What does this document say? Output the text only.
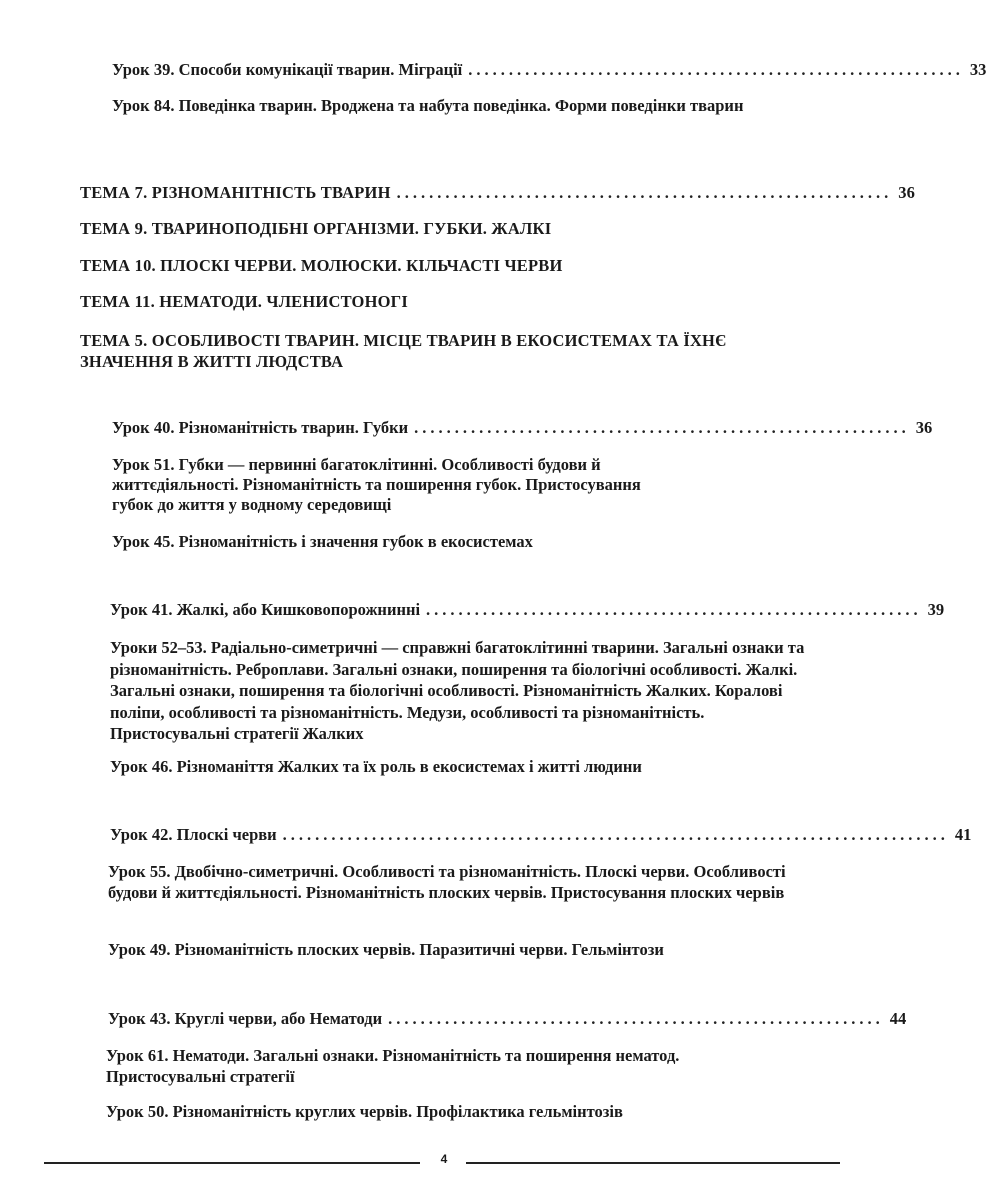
Урок 39. Способи комунікації тварин. Міграції ............................................................. 33
Урок 84. Поведінка тварин. Вроджена та набута поведінка. Форми поведінки тварин
ТЕМА 7. РІЗНОМАНІТНІСТЬ ТВАРИН ............................................................. 36
ТЕМА 9. ТВАРИНОПОДІБНІ ОРГАНІЗМИ. ГУБКИ. ЖАЛКІ
ТЕМА 10. ПЛОСКІ ЧЕРВИ. МОЛЮСКИ. КІЛЬЧАСТІ ЧЕРВИ
ТЕМА 11. НЕМАТОДИ. ЧЛЕНИСТОНОГІ
ТЕМА 5. ОСОБЛИВОСТІ ТВАРИН. МІСЦЕ ТВАРИН В ЕКОСИСТЕМАХ ТА ЇХНЄ ЗНАЧЕННЯ В ЖИТТІ ЛЮДСТВА
Урок 40. Різноманітність тварин. Губки ............................................................. 36
Урок 51. Губки — первинні багатоклітинні. Особливості будови й життєдіяльності. Різноманітність та поширення губок. Пристосування губок до життя у водному середовищі
Урок 45. Різноманітність і значення губок в екосистемах
Урок 41. Жалкі, або Кишковопорожнинні ............................................................. 39
Уроки 52–53. Радіально-симетричні — справжні багатоклітинні тварини. Загальні ознаки та різноманітність. Реброплави. Загальні ознаки, поширення та біологічні особливості. Жалкі. Загальні ознаки, поширення та біологічні особливості. Різноманітність Жалких. Коралові поліпи, особливості та різноманітність. Медузи, особливості та різноманітність. Пристосувальні стратегії Жалких
Урок 46. Різноманіття Жалких та їх роль в екосистемах і житті людини
Урок 42. Плоскі черви .................................................................................. 41
Урок 55. Двобічно-симетричні. Особливості та різноманітність. Плоскі черви. Особливості будови й життєдіяльності. Різноманітність плоских червів. Пристосування плоских червів
Урок 49. Різноманітність плоских червів. Паразитичні черви. Гельмінтози
Урок 43. Круглі черви, або Нематоди ............................................................. 44
Урок 61. Нематоди. Загальні ознаки. Різноманітність та поширення нематод. Пристосувальні стратегії
Урок 50. Різноманітність круглих червів. Профілактика гельмінтозів
4
